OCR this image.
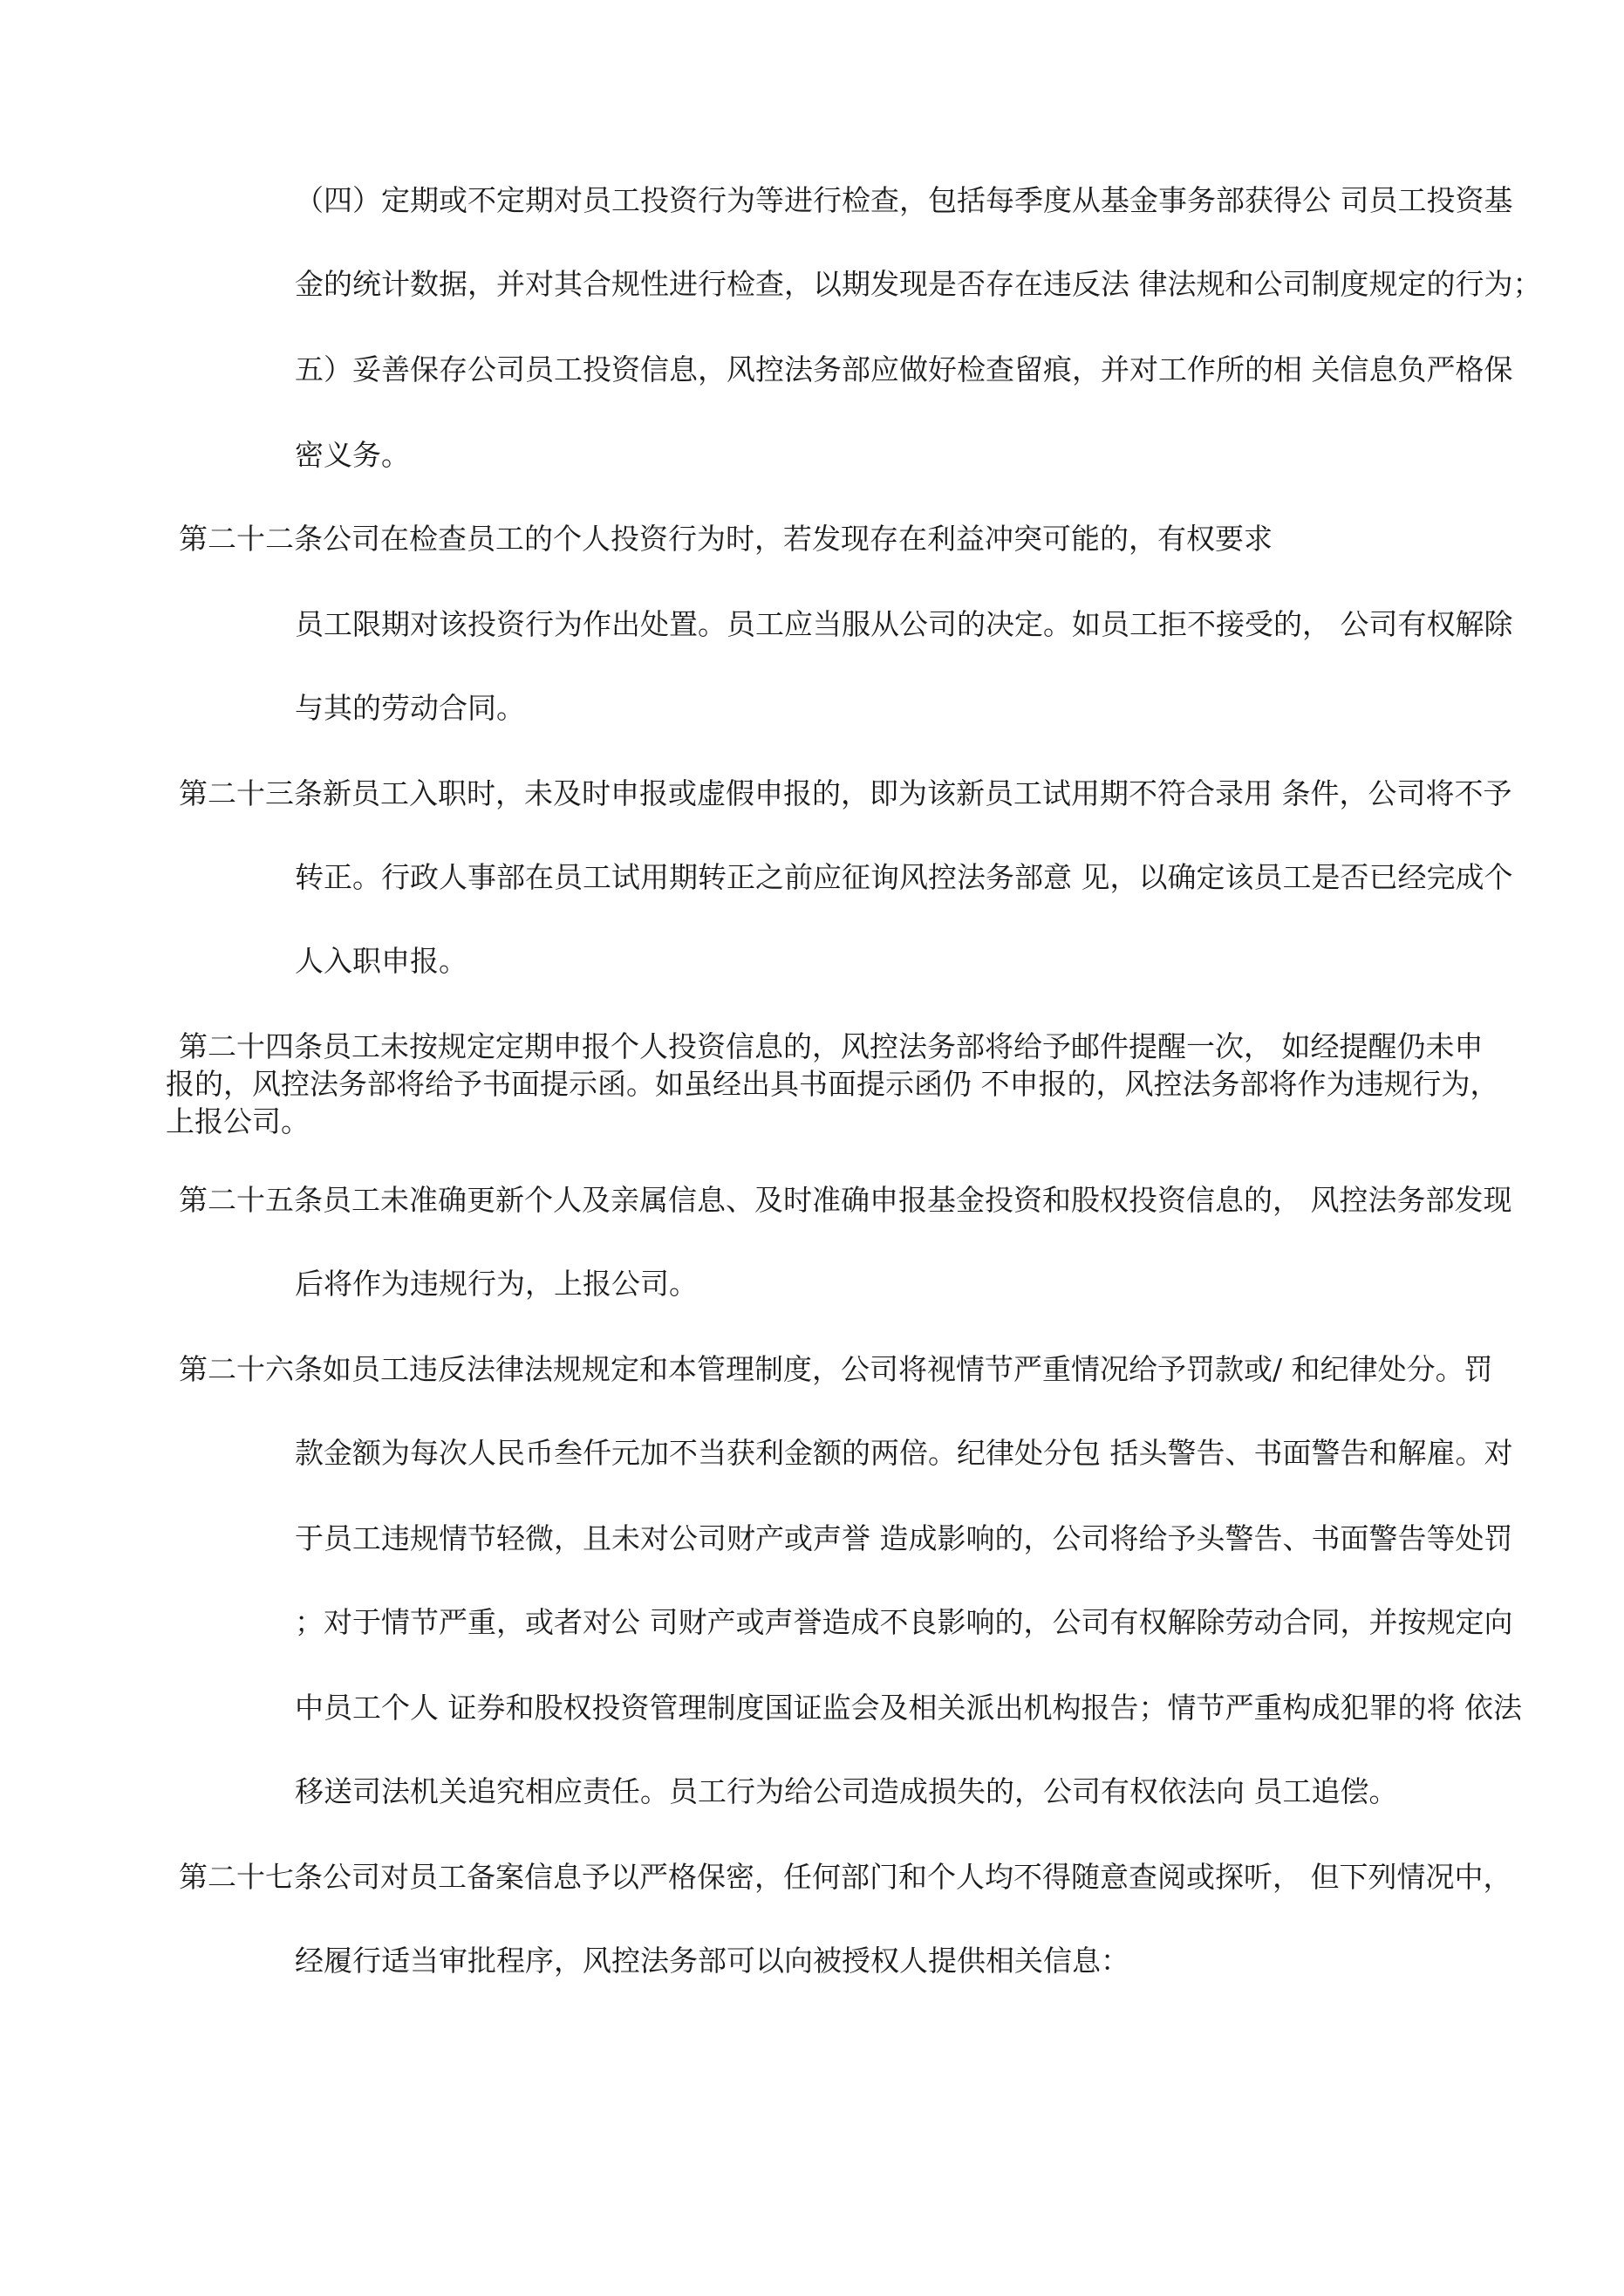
（四）定期或不定期对员工投资行为等进行检查，包括每季度从基金事务部获得公 司员工投资基
金的统计数据，并对其合规性进行检查，以期发现是否存在违反法 律法规和公司制度规定的行为；
五）妥善保存公司员工投资信息，风控法务部应做好检查留痕，并对工作所的相 关信息负严格保
密义务。
第二十二条公司在检查员工的个人投资行为时，若发现存在利益冲突可能的，有权要求
员工限期对该投资行为作出处置。员工应当服从公司的决定。如员工拒不接受的， 公司有权解除
与其的劳动合同。
第二十三条新员工入职时，未及时申报或虚假申报的，即为该新员工试用期不符合录用 条件，公司将不予
转正。行政人事部在员工试用期转正之前应征询风控法务部意 见，以确定该员工是否已经完成个
人入职申报。
第二十四条员工未按规定定期申报个人投资信息的，风控法务部将给予邮件提醒一次， 如经提醒仍未申
报的，风控法务部将给予书面提示函。如虽经出具书面提示函仍 不申报的，风控法务部将作为违规行为，
上报公司。
第二十五条员工未准确更新个人及亲属信息、及时准确申报基金投资和股权投资信息的， 风控法务部发现
后将作为违规行为，上报公司。
第二十六条如员工违反法律法规规定和本管理制度，公司将视情节严重情况给予罚款或/ 和纪律处分。罚
款金额为每次人民币叁仟元加不当获利金额的两倍。纪律处分包 括头警告、书面警告和解雇。对
于员工违规情节轻微，且未对公司财产或声誉 造成影响的，公司将给予头警告、书面警告等处罚
；对于情节严重，或者对公 司财产或声誉造成不良影响的，公司有权解除劳动合同，并按规定向
中员工个人 证券和股权投资管理制度国证监会及相关派出机构报告；情节严重构成犯罪的将 依法
移送司法机关追究相应责任。员工行为给公司造成损失的，公司有权依法向 员工追偿。
第二十七条公司对员工备案信息予以严格保密，任何部门和个人均不得随意查阅或探听， 但下列情况中，
经履行适当审批程序，风控法务部可以向被授权人提供相关信息：
